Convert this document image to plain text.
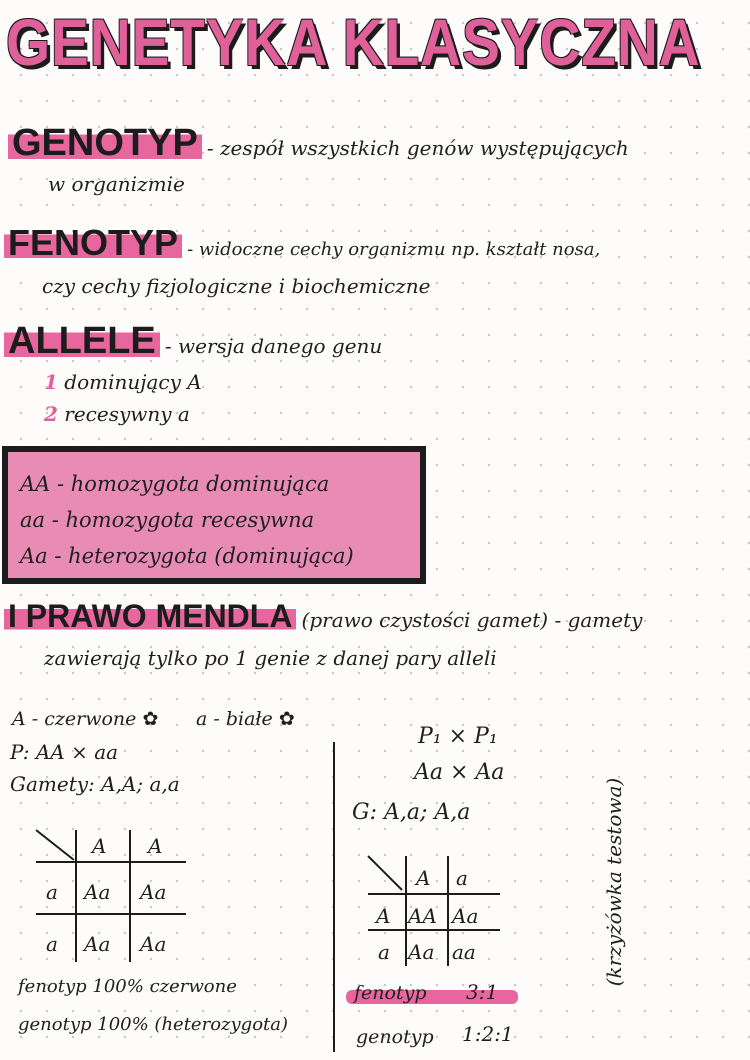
GENETYKA KLASYCZNA
GENOTYP - zespół wszystkich genów występujących
w organizmie
FENOTYP - widoczne cechy organizmu np. kształt nosa,
czy cechy fizjologiczne i biochemiczne
ALLELE - wersja danego genu
1 dominujący A
2 recesywny a
AA - homozygota dominująca
aa - homozygota recesywna
Aa - heterozygota (dominująca)
I PRAWO MENDLA (prawo czystości gamet) - gamety
zawierają tylko po 1 genie z danej pary alleli
A - czerwone ✿ a - białe ✿
P: AA × aa
Gamety: A,A; a,a
A A
a Aa Aa
a Aa Aa
fenotyp 100% czerwone
genotyp 100% (heterozygota)
P₁ × P₁
Aa × Aa
G: A,a; A,a
A a
A AA Aa
a Aa aa
fenotyp 3:1
genotyp 1:2:1
(krzyżówka testowa)
